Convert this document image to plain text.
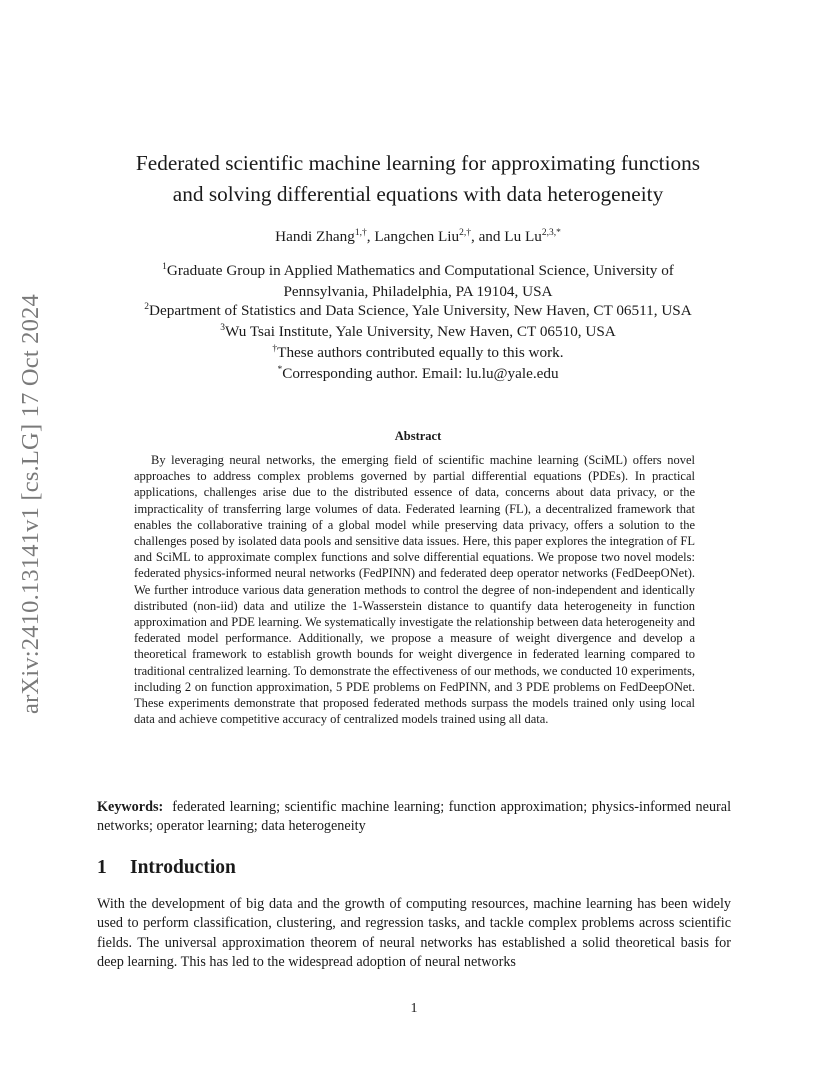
arXiv:2410.13141v1 [cs.LG] 17 Oct 2024
Federated scientific machine learning for approximating functions
and solving differential equations with data heterogeneity
Handi Zhang$^{1,\dagger}$, Langchen Liu$^{2,\dagger}$, and Lu $Lu^{2,3,*}$
$^1$Graduate Group in Applied Mathematics and Computational Science, University of
Pennsylvania, Philadelphia, PA 19104, USA
$^2$Department of Statistics and Data Science, Yale University, New Haven, CT 06511, USA
$^3$Wu Tsai Institute, Yale University, New Haven, CT 06510, USA
†These authors contributed equally to this work.
*Corresponding author. Email: lu.lu@yale.edu
Abstract
By leveraging neural networks, the emerging field of scientific machine learning (SciML) offers novel approaches to address complex problems governed by partial differential equations (PDEs). In practical applications, challenges arise due to the distributed essence of data, concerns about data privacy, or the impracticality of transferring large volumes of data. Federated learning (FL), a decentralized framework that enables the collaborative training of a global model while preserving data privacy, offers a solution to the challenges posed by isolated data pools and sensitive data issues. Here, this paper explores the integration of FL and SciML to approximate complex functions and solve differential equations. We propose two novel models: federated physics-informed neural networks (FedPINN) and federated deep operator networks (FedDeepONet). We further introduce various data generation methods to control the degree of non-independent and identically distributed (non-iid) data and utilize the 1-Wasserstein distance to quantify data heterogeneity in function approximation and PDE learning. We systematically investigate the relationship between data heterogeneity and federated model performance. Additionally, we propose a measure of weight divergence and develop a theoretical framework to establish growth bounds for weight divergence in federated learning compared to traditional centralized learning. To demonstrate the effectiveness of our methods, we conducted 10 experiments, including 2 on function approximation, 5 PDE problems on FedPINN, and 3 PDE problems on FedDeepONet. These experiments demonstrate that proposed federated methods surpass the models trained only using local data and achieve competitive accuracy of centralized models trained using all data.
Keywords: federated learning; scientific machine learning; function approximation; physics-informed neural networks; operator learning; data heterogeneity
1 Introduction
With the development of big data and the growth of computing resources, machine learning has been widely used to perform classification, clustering, and regression tasks, and tackle complex problems across scientific fields. The universal approximation theorem of neural networks has established a solid theoretical basis for deep learning. This has led to the widespread adoption of neural networks
1
